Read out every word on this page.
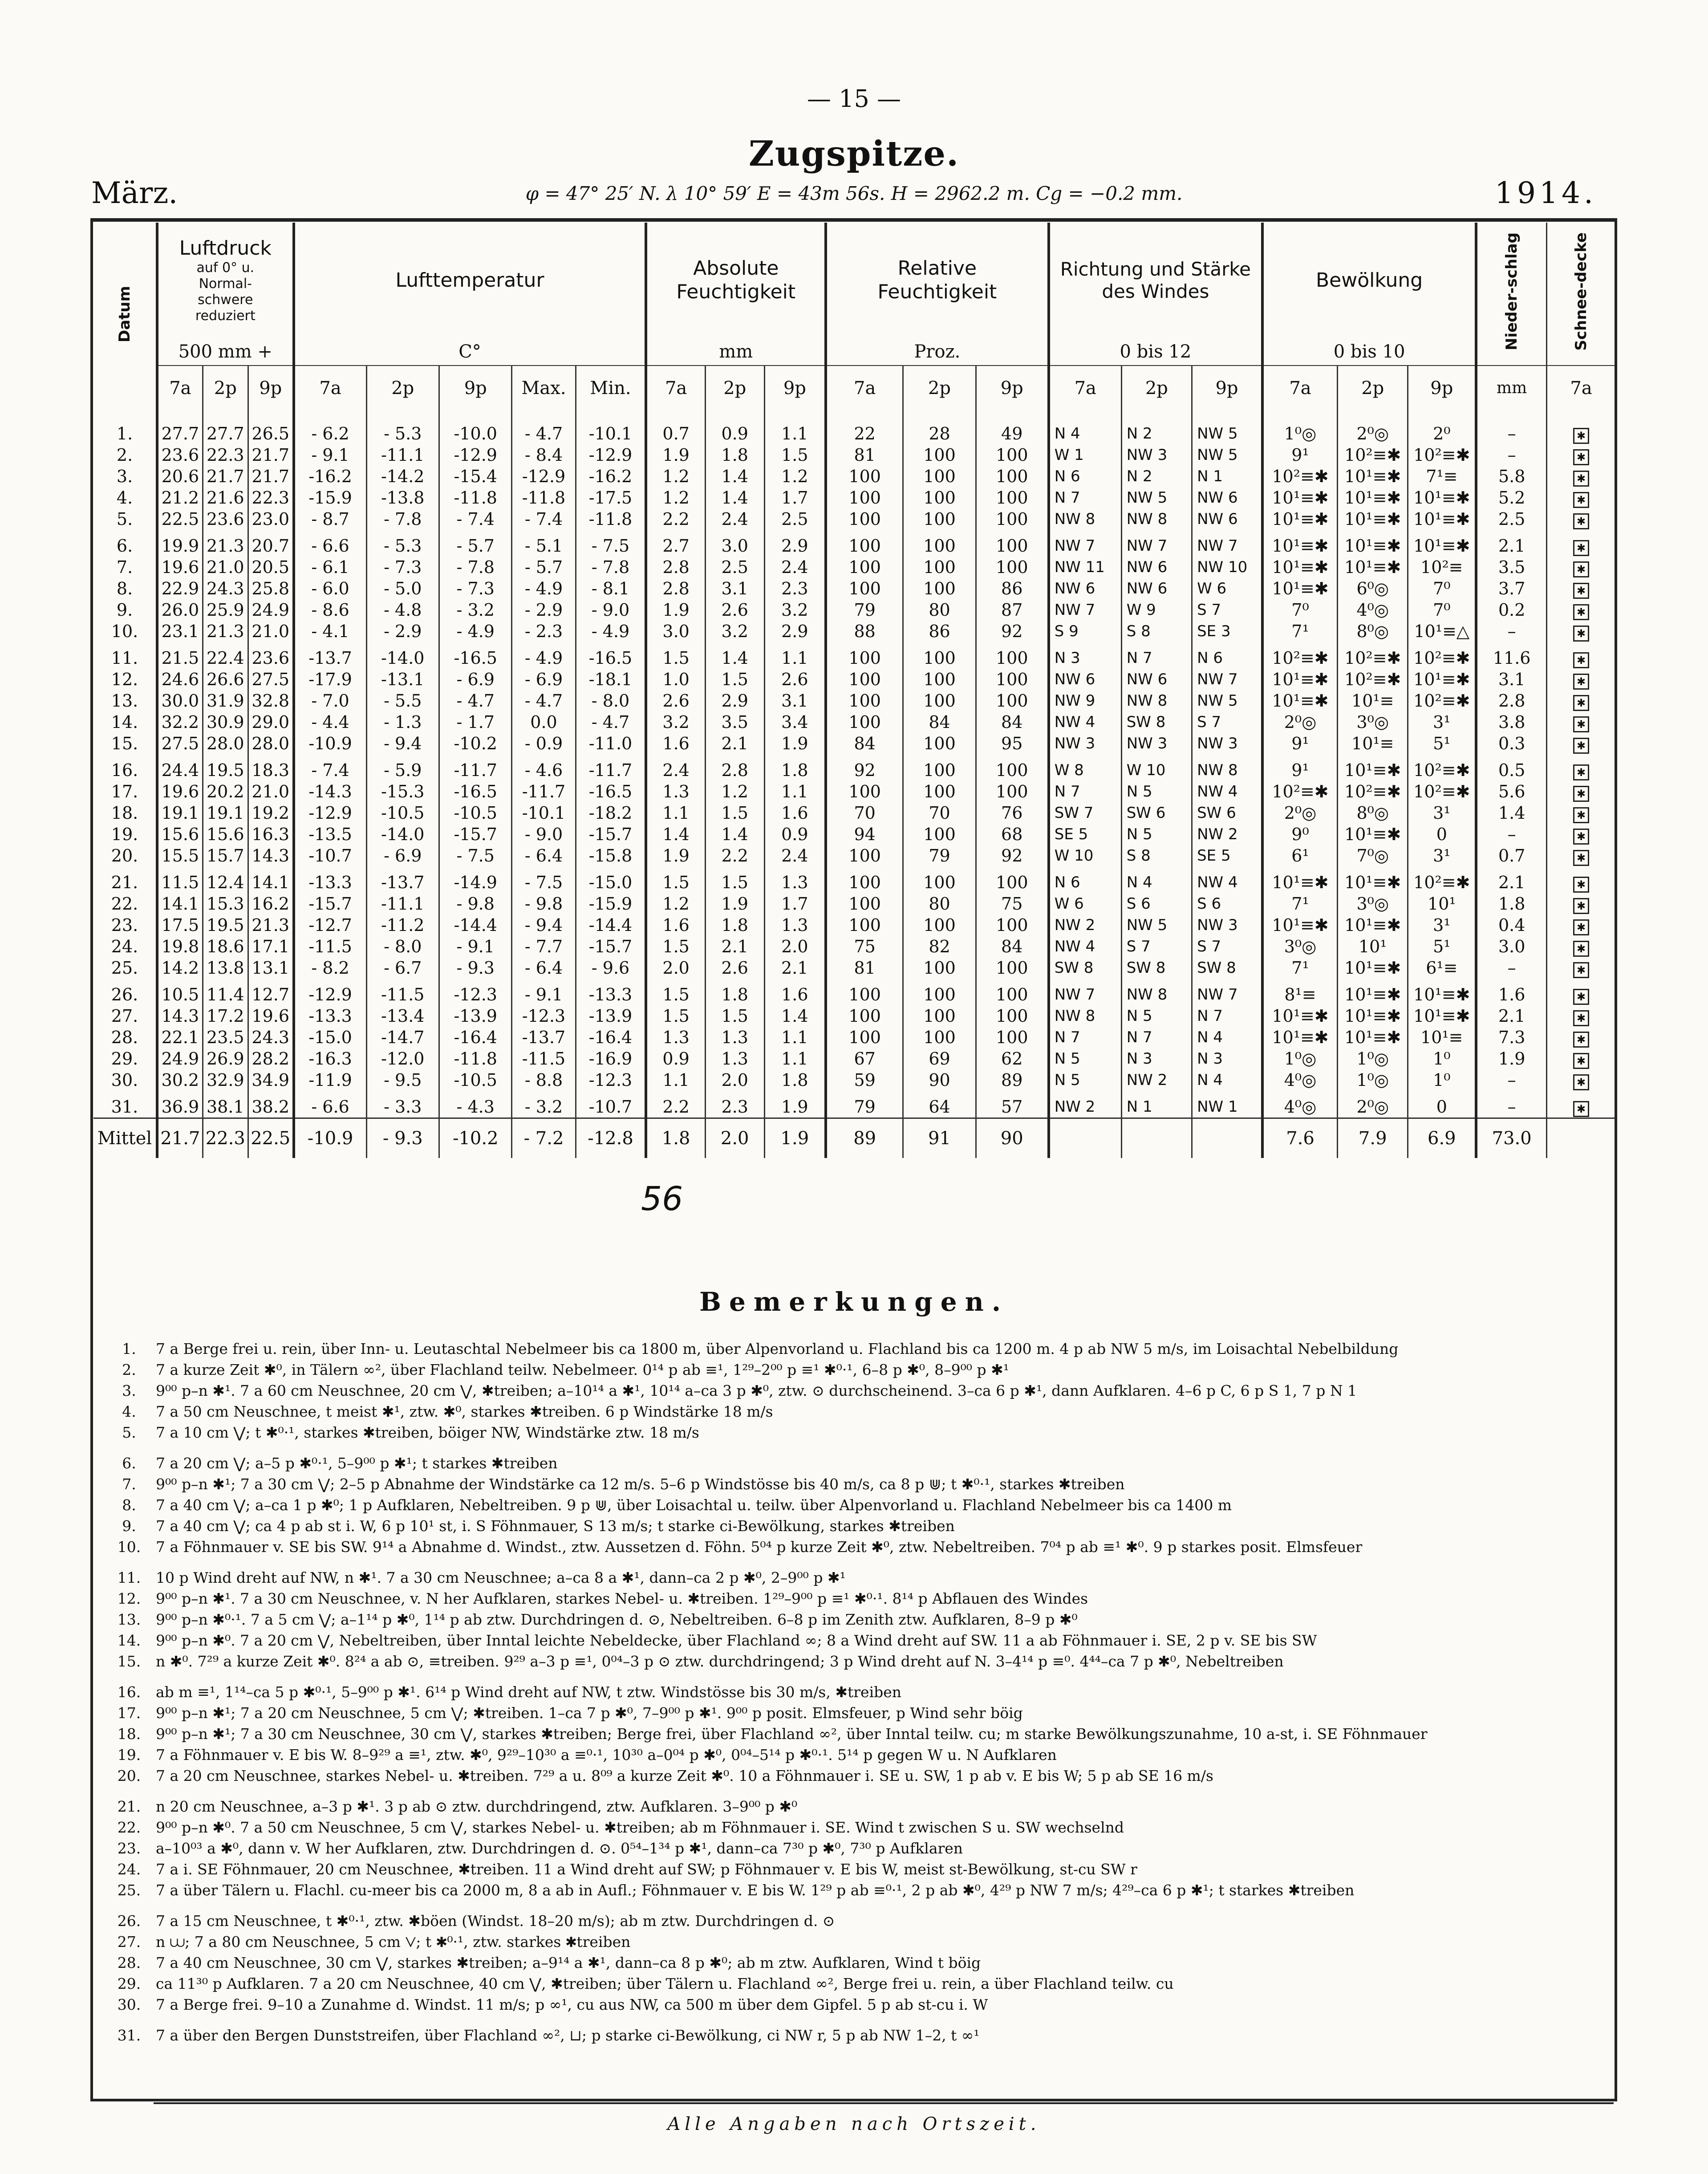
— 15 —
Zugspitze.
März.	1914.
φ = 47° 25′ N. λ 10° 59′ E = 43m 56s. H = 2962.2 m. Cg = −0.2 mm.
Datum	Luftdruck
auf 0° u. Normal-schwere reduziert			Lufttemperatur					Absolute Feuchtigkeit			Relative Feuchtigkeit			Richtung und Stärke des Windes			Bewölkung			Nieder-schlag	Schnee-decke
	500 mm +			C°					mm			Proz.			0 bis 12			0 bis 10				
	7a	2p	9p	7a	2p	9p	Max.	Min.	7a	2p	9p	7a	2p	9p	7a	2p	9p	7a	2p	9p	mm	7a
1.	27.7	27.7	26.5	- 6.2	- 5.3	-10.0	- 4.7	-10.1	0.7	0.9	1.1	22	28	49	N 4	N 2	NW 5	1⁰◎	2⁰◎	2⁰	–	✱
2.	23.6	22.3	21.7	- 9.1	-11.1	-12.9	- 8.4	-12.9	1.9	1.8	1.5	81	100	100	W 1	NW 3	NW 5	9¹	10²≡✱	10²≡✱	–	✱
3.	20.6	21.7	21.7	-16.2	-14.2	-15.4	-12.9	-16.2	1.2	1.4	1.2	100	100	100	N 6	N 2	N 1	10²≡✱	10¹≡✱	7¹≡	5.8	✱
4.	21.2	21.6	22.3	-15.9	-13.8	-11.8	-11.8	-17.5	1.2	1.4	1.7	100	100	100	N 7	NW 5	NW 6	10¹≡✱	10¹≡✱	10¹≡✱	5.2	✱
5.	22.5	23.6	23.0	- 8.7	- 7.8	- 7.4	- 7.4	-11.8	2.2	2.4	2.5	100	100	100	NW 8	NW 8	NW 6	10¹≡✱	10¹≡✱	10¹≡✱	2.5	✱

6.	19.9	21.3	20.7	- 6.6	- 5.3	- 5.7	- 5.1	- 7.5	2.7	3.0	2.9	100	100	100	NW 7	NW 7	NW 7	10¹≡✱	10¹≡✱	10¹≡✱	2.1	✱
7.	19.6	21.0	20.5	- 6.1	- 7.3	- 7.8	- 5.7	- 7.8	2.8	2.5	2.4	100	100	100	NW 11	NW 6	NW 10	10¹≡✱	10¹≡✱	10²≡	3.5	✱
8.	22.9	24.3	25.8	- 6.0	- 5.0	- 7.3	- 4.9	- 8.1	2.8	3.1	2.3	100	100	86	NW 6	NW 6	W 6	10¹≡✱	6⁰◎	7⁰	3.7	✱
9.	26.0	25.9	24.9	- 8.6	- 4.8	- 3.2	- 2.9	- 9.0	1.9	2.6	3.2	79	80	87	NW 7	W 9	S 7	7⁰	4⁰◎	7⁰	0.2	✱
10.	23.1	21.3	21.0	- 4.1	- 2.9	- 4.9	- 2.3	- 4.9	3.0	3.2	2.9	88	86	92	S 9	S 8	SE 3	7¹	8⁰◎	10¹≡△	–	✱

11.	21.5	22.4	23.6	-13.7	-14.0	-16.5	- 4.9	-16.5	1.5	1.4	1.1	100	100	100	N 3	N 7	N 6	10²≡✱	10²≡✱	10²≡✱	11.6	✱
12.	24.6	26.6	27.5	-17.9	-13.1	- 6.9	- 6.9	-18.1	1.0	1.5	2.6	100	100	100	NW 6	NW 6	NW 7	10¹≡✱	10²≡✱	10¹≡✱	3.1	✱
13.	30.0	31.9	32.8	- 7.0	- 5.5	- 4.7	- 4.7	- 8.0	2.6	2.9	3.1	100	100	100	NW 9	NW 8	NW 5	10¹≡✱	10¹≡	10²≡✱	2.8	✱
14.	32.2	30.9	29.0	- 4.4	- 1.3	- 1.7	0.0	- 4.7	3.2	3.5	3.4	100	84	84	NW 4	SW 8	S 7	2⁰◎	3⁰◎	3¹	3.8	✱
15.	27.5	28.0	28.0	-10.9	- 9.4	-10.2	- 0.9	-11.0	1.6	2.1	1.9	84	100	95	NW 3	NW 3	NW 3	9¹	10¹≡	5¹	0.3	✱

16.	24.4	19.5	18.3	- 7.4	- 5.9	-11.7	- 4.6	-11.7	2.4	2.8	1.8	92	100	100	W 8	W 10	NW 8	9¹	10¹≡✱	10²≡✱	0.5	✱
17.	19.6	20.2	21.0	-14.3	-15.3	-16.5	-11.7	-16.5	1.3	1.2	1.1	100	100	100	N 7	N 5	NW 4	10²≡✱	10²≡✱	10²≡✱	5.6	✱
18.	19.1	19.1	19.2	-12.9	-10.5	-10.5	-10.1	-18.2	1.1	1.5	1.6	70	70	76	SW 7	SW 6	SW 6	2⁰◎	8⁰◎	3¹	1.4	✱
19.	15.6	15.6	16.3	-13.5	-14.0	-15.7	- 9.0	-15.7	1.4	1.4	0.9	94	100	68	SE 5	N 5	NW 2	9⁰	10¹≡✱	0	–	✱
20.	15.5	15.7	14.3	-10.7	- 6.9	- 7.5	- 6.4	-15.8	1.9	2.2	2.4	100	79	92	W 10	S 8	SE 5	6¹	7⁰◎	3¹	0.7	✱

21.	11.5	12.4	14.1	-13.3	-13.7	-14.9	- 7.5	-15.0	1.5	1.5	1.3	100	100	100	N 6	N 4	NW 4	10¹≡✱	10¹≡✱	10²≡✱	2.1	✱
22.	14.1	15.3	16.2	-15.7	-11.1	- 9.8	- 9.8	-15.9	1.2	1.9	1.7	100	80	75	W 6	S 6	S 6	7¹	3⁰◎	10¹	1.8	✱
23.	17.5	19.5	21.3	-12.7	-11.2	-14.4	- 9.4	-14.4	1.6	1.8	1.3	100	100	100	NW 2	NW 5	NW 3	10¹≡✱	10¹≡✱	3¹	0.4	✱
24.	19.8	18.6	17.1	-11.5	- 8.0	- 9.1	- 7.7	-15.7	1.5	2.1	2.0	75	82	84	NW 4	S 7	S 7	3⁰◎	10¹	5¹	3.0	✱
25.	14.2	13.8	13.1	- 8.2	- 6.7	- 9.3	- 6.4	- 9.6	2.0	2.6	2.1	81	100	100	SW 8	SW 8	SW 8	7¹	10¹≡✱	6¹≡	–	✱

26.	10.5	11.4	12.7	-12.9	-11.5	-12.3	- 9.1	-13.3	1.5	1.8	1.6	100	100	100	NW 7	NW 8	NW 7	8¹≡	10¹≡✱	10¹≡✱	1.6	✱
27.	14.3	17.2	19.6	-13.3	-13.4	-13.9	-12.3	-13.9	1.5	1.5	1.4	100	100	100	NW 8	N 5	N 7	10¹≡✱	10¹≡✱	10¹≡✱	2.1	✱
28.	22.1	23.5	24.3	-15.0	-14.7	-16.4	-13.7	-16.4	1.3	1.3	1.1	100	100	100	N 7	N 7	N 4	10¹≡✱	10¹≡✱	10¹≡	7.3	✱
29.	24.9	26.9	28.2	-16.3	-12.0	-11.8	-11.5	-16.9	0.9	1.3	1.1	67	69	62	N 5	N 3	N 3	1⁰◎	1⁰◎	1⁰	1.9	✱
30.	30.2	32.9	34.9	-11.9	- 9.5	-10.5	- 8.8	-12.3	1.1	2.0	1.8	59	90	89	N 5	NW 2	N 4	4⁰◎	1⁰◎	1⁰	–	✱

31.	36.9	38.1	38.2	- 6.6	- 3.3	- 4.3	- 3.2	-10.7	2.2	2.3	1.9	79	64	57	NW 2	N 1	NW 1	4⁰◎	2⁰◎	0	–	✱
Mittel	21.7	22.3	22.5	-10.9	- 9.3	-10.2	- 7.2	-12.8	1.8	2.0	1.9	89	91	90				7.6	7.9	6.9	73.0	
56
Bemerkungen.
1. 7 a Berge frei u. rein, über Inn- u. Leutaschtal Nebelmeer bis ca 1800 m, über Alpenvorland u. Flachland bis ca 1200 m. 4 p ab NW 5 m/s, im Loisachtal Nebelbildung
2. 7 a kurze Zeit ✱⁰, in Tälern ∞², über Flachland teilw. Nebelmeer. 0¹⁴ p ab ≡¹, 1²⁹–2⁰⁰ p ≡¹ ✱⁰·¹, 6–8 p ✱⁰, 8–9⁰⁰ p ✱¹
3. 9⁰⁰ p–n ✱¹. 7 a 60 cm Neuschnee, 20 cm ⋁, ✱treiben; a–10¹⁴ a ✱¹, 10¹⁴ a–ca 3 p ✱⁰, ztw. ⊙ durchscheinend. 3–ca 6 p ✱¹, dann Aufklaren. 4–6 p C, 6 p S 1, 7 p N 1
4. 7 a 50 cm Neuschnee, t meist ✱¹, ztw. ✱⁰, starkes ✱treiben. 6 p Windstärke 18 m/s
5. 7 a 10 cm ⋁; t ✱⁰·¹, starkes ✱treiben, böiger NW, Windstärke ztw. 18 m/s
6. 7 a 20 cm ⋁; a–5 p ✱⁰·¹, 5–9⁰⁰ p ✱¹; t starkes ✱treiben
7. 9⁰⁰ p–n ✱¹; 7 a 30 cm ⋁; 2–5 p Abnahme der Windstärke ca 12 m/s. 5–6 p Windstösse bis 40 m/s, ca 8 p ⋓; t ✱⁰·¹, starkes ✱treiben
8. 7 a 40 cm ⋁; a–ca 1 p ✱⁰; 1 p Aufklaren, Nebeltreiben. 9 p ⋓, über Loisachtal u. teilw. über Alpenvorland u. Flachland Nebelmeer bis ca 1400 m
9. 7 a 40 cm ⋁; ca 4 p ab st i. W, 6 p 10¹ st, i. S Föhnmauer, S 13 m/s; t starke ci-Bewölkung, starkes ✱treiben
10. 7 a Föhnmauer v. SE bis SW. 9¹⁴ a Abnahme d. Windst., ztw. Aussetzen d. Föhn. 5⁰⁴ p kurze Zeit ✱⁰, ztw. Nebeltreiben. 7⁰⁴ p ab ≡¹ ✱⁰. 9 p starkes posit. Elmsfeuer
11. 10 p Wind dreht auf NW, n ✱¹. 7 a 30 cm Neuschnee; a–ca 8 a ✱¹, dann–ca 2 p ✱⁰, 2–9⁰⁰ p ✱¹
12. 9⁰⁰ p–n ✱¹. 7 a 30 cm Neuschnee, v. N her Aufklaren, starkes Nebel- u. ✱treiben. 1²⁹–9⁰⁰ p ≡¹ ✱⁰·¹. 8¹⁴ p Abflauen des Windes
13. 9⁰⁰ p–n ✱⁰·¹. 7 a 5 cm ⋁; a–1¹⁴ p ✱⁰, 1¹⁴ p ab ztw. Durchdringen d. ⊙, Nebeltreiben. 6–8 p im Zenith ztw. Aufklaren, 8–9 p ✱⁰
14. 9⁰⁰ p–n ✱⁰. 7 a 20 cm ⋁, Nebeltreiben, über Inntal leichte Nebeldecke, über Flachland ∞; 8 a Wind dreht auf SW. 11 a ab Föhnmauer i. SE, 2 p v. SE bis SW
15. n ✱⁰. 7²⁹ a kurze Zeit ✱⁰. 8²⁴ a ab ⊙, ≡treiben. 9²⁹ a–3 p ≡¹, 0⁰⁴–3 p ⊙ ztw. durchdringend; 3 p Wind dreht auf N. 3–4¹⁴ p ≡⁰. 4⁴⁴–ca 7 p ✱⁰, Nebeltreiben
16. ab m ≡¹, 1¹⁴–ca 5 p ✱⁰·¹, 5–9⁰⁰ p ✱¹. 6¹⁴ p Wind dreht auf NW, t ztw. Windstösse bis 30 m/s, ✱treiben
17. 9⁰⁰ p–n ✱¹; 7 a 20 cm Neuschnee, 5 cm ⋁; ✱treiben. 1–ca 7 p ✱⁰, 7–9⁰⁰ p ✱¹. 9⁰⁰ p posit. Elmsfeuer, p Wind sehr böig
18. 9⁰⁰ p–n ✱¹; 7 a 30 cm Neuschnee, 30 cm ⋁, starkes ✱treiben; Berge frei, über Flachland ∞², über Inntal teilw. cu; m starke Bewölkungszunahme, 10 a-st, i. SE Föhnmauer
19. 7 a Föhnmauer v. E bis W. 8–9²⁹ a ≡¹, ztw. ✱⁰, 9²⁹–10³⁰ a ≡⁰·¹, 10³⁰ a–0⁰⁴ p ✱⁰, 0⁰⁴–5¹⁴ p ✱⁰·¹. 5¹⁴ p gegen W u. N Aufklaren
20. 7 a 20 cm Neuschnee, starkes Nebel- u. ✱treiben. 7²⁹ a u. 8⁰⁹ a kurze Zeit ✱⁰. 10 a Föhnmauer i. SE u. SW, 1 p ab v. E bis W; 5 p ab SE 16 m/s
21. n 20 cm Neuschnee, a–3 p ✱¹. 3 p ab ⊙ ztw. durchdringend, ztw. Aufklaren. 3–9⁰⁰ p ✱⁰
22. 9⁰⁰ p–n ✱⁰. 7 a 50 cm Neuschnee, 5 cm ⋁, starkes Nebel- u. ✱treiben; ab m Föhnmauer i. SE. Wind t zwischen S u. SW wechselnd
23. a–10⁰³ a ✱⁰, dann v. W her Aufklaren, ztw. Durchdringen d. ⊙. 0⁵⁴–1³⁴ p ✱¹, dann–ca 7³⁰ p ✱⁰, 7³⁰ p Aufklaren
24. 7 a i. SE Föhnmauer, 20 cm Neuschnee, ✱treiben. 11 a Wind dreht auf SW; p Föhnmauer v. E bis W, meist st-Bewölkung, st-cu SW r
25. 7 a über Tälern u. Flachl. cu-meer bis ca 2000 m, 8 a ab in Aufl.; Föhnmauer v. E bis W. 1²⁹ p ab ≡⁰·¹, 2 p ab ✱⁰, 4²⁹ p NW 7 m/s; 4²⁹–ca 6 p ✱¹; t starkes ✱treiben
26. 7 a 15 cm Neuschnee, t ✱⁰·¹, ztw. ✱böen (Windst. 18–20 m/s); ab m ztw. Durchdringen d. ⊙
27. n ⩊; 7 a 80 cm Neuschnee, 5 cm ⋁; t ✱⁰·¹, ztw. starkes ✱treiben
28. 7 a 40 cm Neuschnee, 30 cm ⋁, starkes ✱treiben; a–9¹⁴ a ✱¹, dann–ca 8 p ✱⁰; ab m ztw. Aufklaren, Wind t böig
29. ca 11³⁰ p Aufklaren. 7 a 20 cm Neuschnee, 40 cm ⋁, ✱treiben; über Tälern u. Flachland ∞², Berge frei u. rein, a über Flachland teilw. cu
30. 7 a Berge frei. 9–10 a Zunahme d. Windst. 11 m/s; p ∞¹, cu aus NW, ca 500 m über dem Gipfel. 5 p ab st-cu i. W
31. 7 a über den Bergen Dunststreifen, über Flachland ∞², ⊔; p starke ci-Bewölkung, ci NW r, 5 p ab NW 1–2, t ∞¹
Alle Angaben nach Ortszeit.
